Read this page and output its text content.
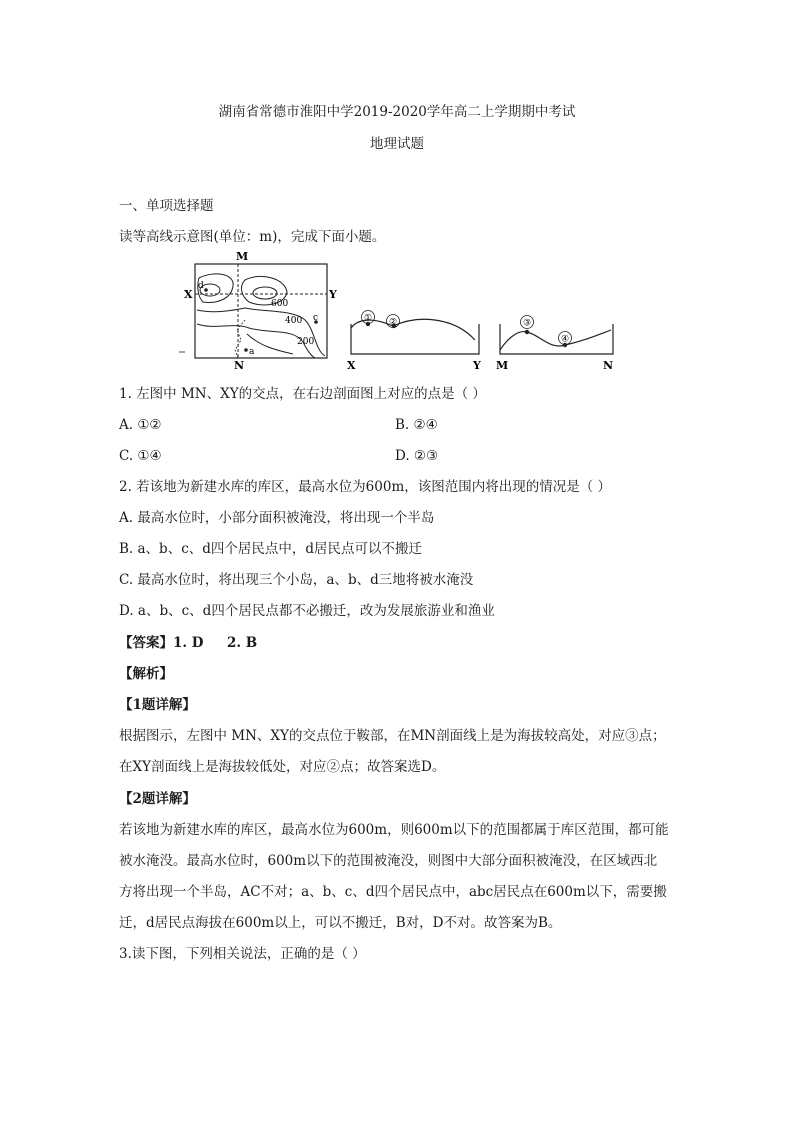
湖南省常德市淮阳中学2019-2020学年高二上学期期中考试
地理试题
一、单项选择题
读等高线示意图(单位：m)，完成下面小题。
M
N
X	Y
d
c
a
600
400
200
① ②
X	Y
③
④
M	N
1. 左图中 MN、XY的交点，在右边剖面图上对应的点是（ ）
A. ①②	B. ②④
C. ①④	D. ②③
2. 若该地为新建水库的库区，最高水位为600m，该图范围内将出现的情况是（ ）
A. 最高水位时，小部分面积被淹没，将出现一个半岛
B. a、b、c、d四个居民点中，d居民点可以不搬迁
C. 最高水位时，将出现三个小岛，a、b、d三地将被水淹没
D. a、b、c、d四个居民点都不必搬迁，改为发展旅游业和渔业
【答案】1. D     2. B
【解析】
【1题详解】
根据图示，左图中 MN、XY的交点位于鞍部，在MN剖面线上是为海拔较高处，对应③点；
在XY剖面线上是海拔较低处，对应②点；故答案选D。
【2题详解】
若该地为新建水库的库区，最高水位为600m，则600m以下的范围都属于库区范围，都可能
被水淹没。最高水位时，600m以下的范围被淹没，则图中大部分面积被淹没，在区域西北
方将出现一个半岛，AC不对；a、b、c、d四个居民点中，abc居民点在600m以下，需要搬
迁，d居民点海拔在600m以上，可以不搬迁，B对，D不对。故答案为B。
3.读下图，下列相关说法，正确的是（ ）
